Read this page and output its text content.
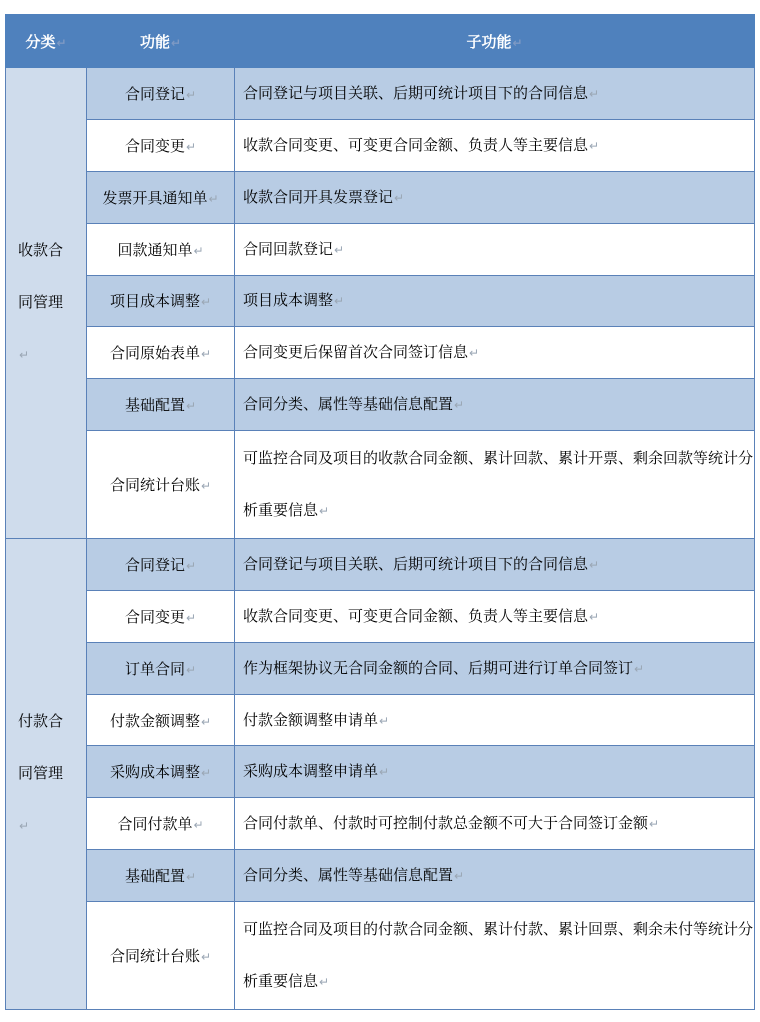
分类↵	功能↵	子功能↵
收款合同管理↵	合同登记↵	合同登记与项目关联、后期可统计项目下的合同信息↵
	合同变更↵	收款合同变更、可变更合同金额、负责人等主要信息↵
	发票开具通知单↵	收款合同开具发票登记↵
	回款通知单↵	合同回款登记↵
	项目成本调整↵	项目成本调整↵
	合同原始表单↵	合同变更后保留首次合同签订信息↵
	基础配置↵	合同分类、属性等基础信息配置↵
	合同统计台账↵	可监控合同及项目的收款合同金额、累计回款、累计开票、剩余回款等统计分析重要信息↵
付款合同管理↵	合同登记↵	合同登记与项目关联、后期可统计项目下的合同信息↵
	合同变更↵	收款合同变更、可变更合同金额、负责人等主要信息↵
	订单合同↵	作为框架协议无合同金额的合同、后期可进行订单合同签订↵
	付款金额调整↵	付款金额调整申请单↵
	采购成本调整↵	采购成本调整申请单↵
	合同付款单↵	合同付款单、付款时可控制付款总金额不可大于合同签订金额↵
	基础配置↵	合同分类、属性等基础信息配置↵
	合同统计台账↵	可监控合同及项目的付款合同金额、累计付款、累计回票、剩余未付等统计分析重要信息↵
